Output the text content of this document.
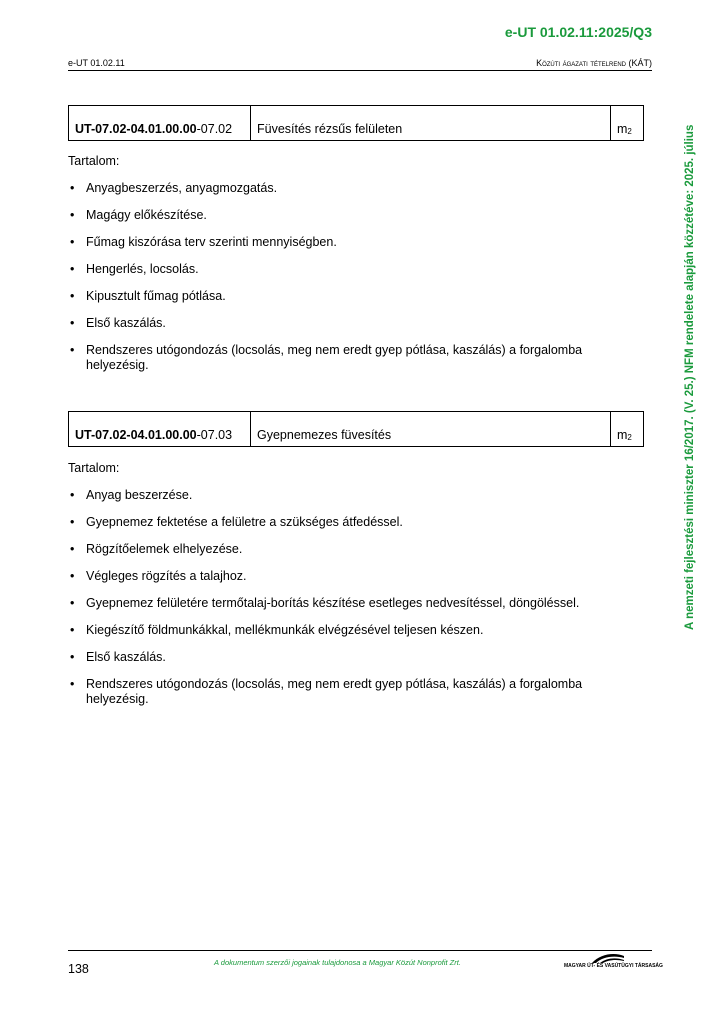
e-UT 01.02.11:2025/Q3
e-UT 01.02.11	Közúti ágazati tételrend (KÁT)
A nemzeti fejlesztési miniszter 16/2017. (V. 25.) NFM rendelete alapján közzétéve: 2025. július
UT-07.02-04.01.00.00 -07.02	Füvesítés rézsűs felületen	$m_2$
Tartalom:
• Anyagbeszerzés, anyagmozgatás.
• Magágy előkészítése.
• Fűmag kiszórása terv szerinti mennyiségben.
• Hengerlés, locsolás.
• Kipusztult fűmag pótlása.
• Első kaszálás.
• Rendszeres utógondozás (locsolás, meg nem eredt gyep pótlása, kaszálás) a forgalomba helyezésig.
UT-07.02-04.01.00.00 -07.03	Gyepnemezes füvesítés	$m_2$
Tartalom:
• Anyag beszerzése.
• Gyepnemez fektetése a felületre a szükséges átfedéssel.
• Rögzítőelemek elhelyezése.
• Végleges rögzítés a talajhoz.
• Gyepnemez felületére termőtalaj-borítás készítése esetleges nedvesítéssel, döngöléssel.
• Kiegészítő földmunkákkal, mellékmunkák elvégzésével teljesen készen.
• Első kaszálás.
• Rendszeres utógondozás (locsolás, meg nem eredt gyep pótlása, kaszálás) a forgalomba helyezésig.
138	A dokumentum szerzői jogainak tulajdonosa a Magyar Közút Nonprofit Zrt.	MAGYAR ÚT- ÉS VASÚTÜGYI TÁRSASÁG
